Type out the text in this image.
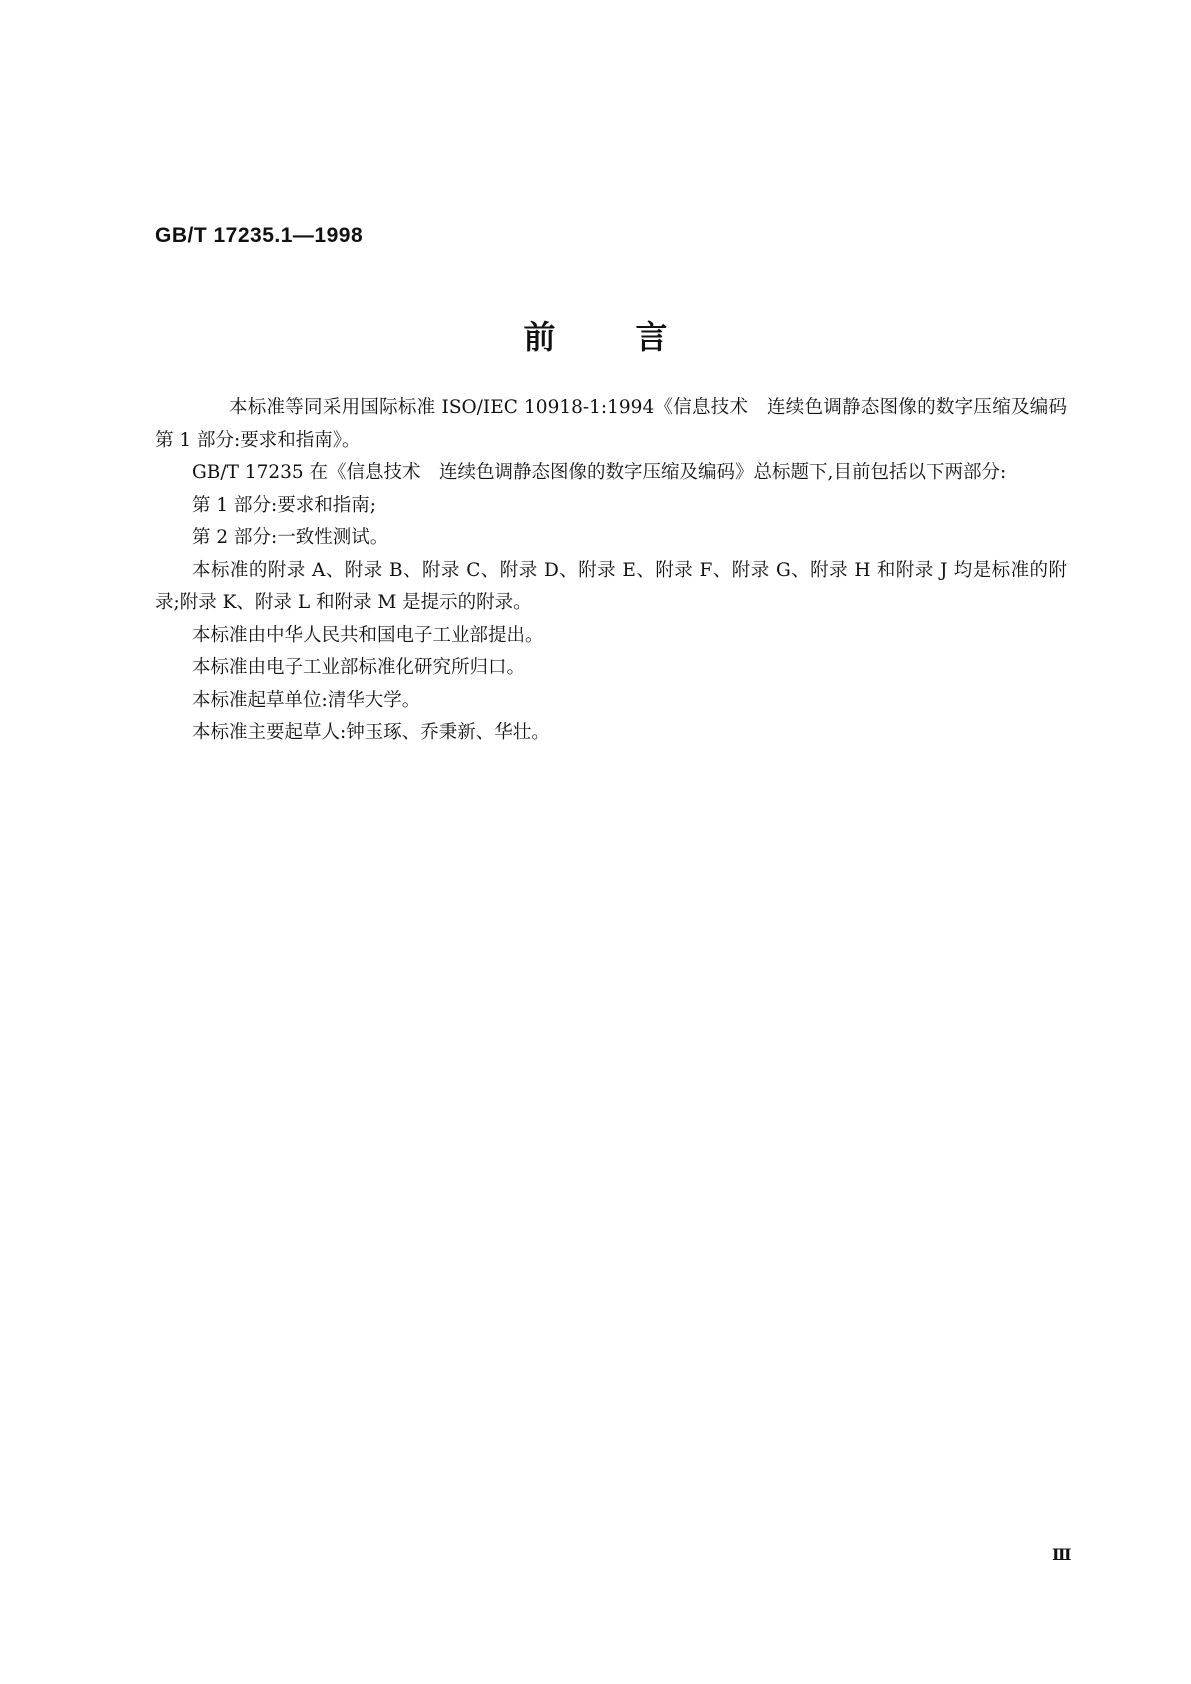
GB/T 17235.1—1998
前言

本标准等同采用国际标准 ISO/IEC 10918-1:1994《信息技术　连续色调静态图像的数字压缩及编码　第 1 部分:要求和指南》。

GB/T 17235 在《信息技术　连续色调静态图像的数字压缩及编码》总标题下,目前包括以下两部分:

第 1 部分:要求和指南;

第 2 部分:一致性测试。

本标准的附录 A、附录 B、附录 C、附录 D、附录 E、附录 F、附录 G、附录 H 和附录 J 均是标准的附录;附录 K、附录 L 和附录 M 是提示的附录。

本标准由中华人民共和国电子工业部提出。

本标准由电子工业部标准化研究所归口。

本标准起草单位:清华大学。

本标准主要起草人:钟玉琢、乔秉新、华壮。

Ⅲ
